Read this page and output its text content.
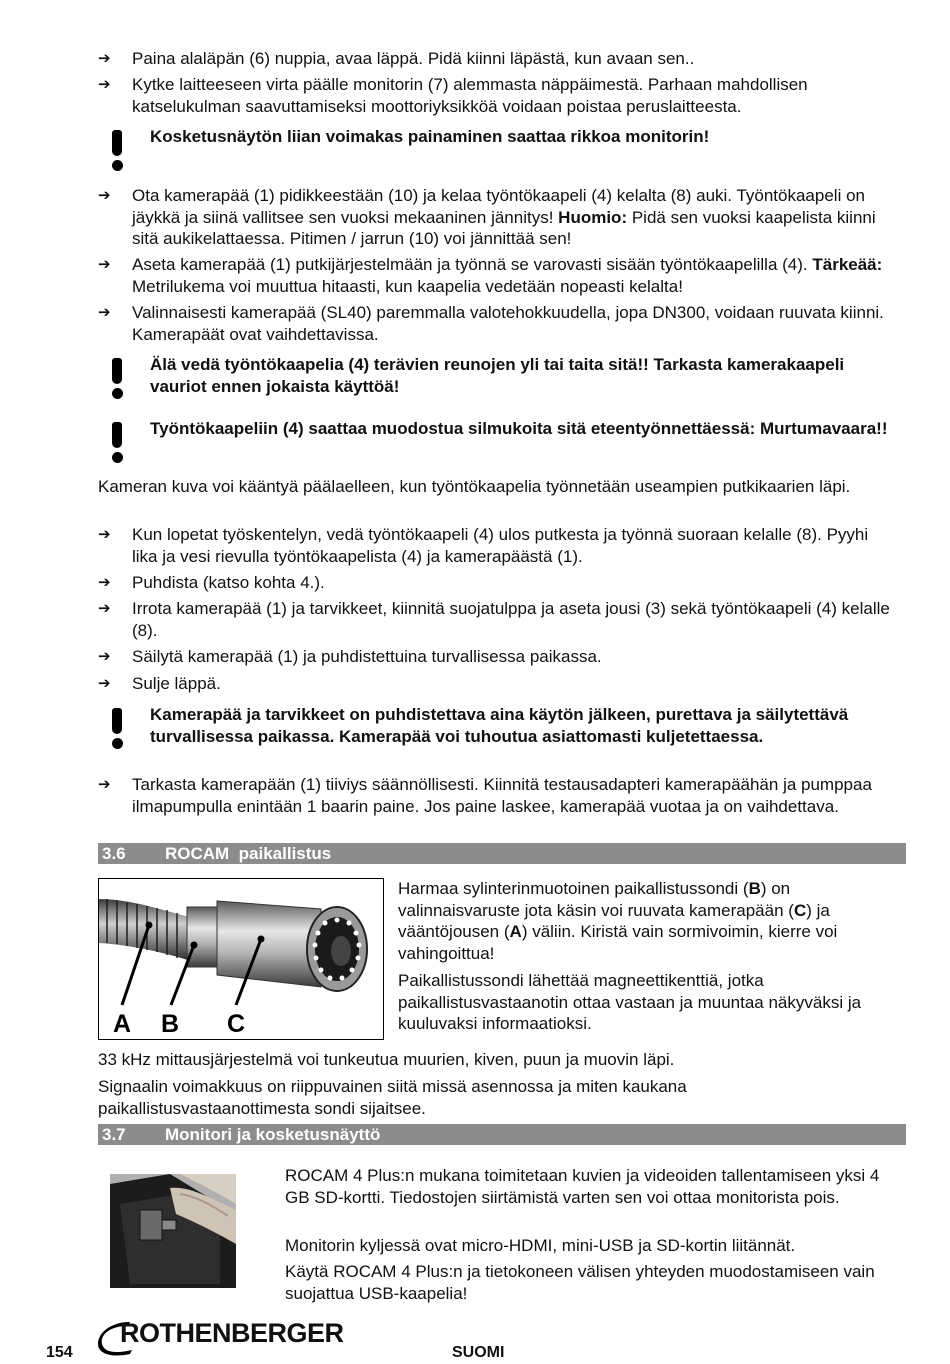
➔	Paina alaläpän (6) nuppia, avaa läppä. Pidä kiinni läpästä, kun avaan sen..
➔	Kytke laitteeseen virta päälle monitorin (7) alemmasta näppäimestä. Parhaan mahdollisen katselukulman saavuttamiseksi moottoriyksikköä voidaan poistaa peruslaitteesta.
Kosketusnäytön liian voimakas painaminen saattaa rikkoa monitorin!
➔	Ota kamerapää (1) pidikkeestään (10) ja kelaa työntökaapeli (4) kelalta (8) auki. Työntökaapeli on jäykkä ja siinä vallitsee sen vuoksi mekaaninen jännitys! Huomio: Pidä sen vuoksi kaapelista kiinni sitä aukikelattaessa. Pitimen / jarrun (10) voi jännittää sen!
➔	Aseta kamerapää (1) putkijärjestelmään ja työnnä se varovasti sisään työntökaapelilla (4). Tärkeää: Metrilukema voi muuttua hitaasti, kun kaapelia vedetään nopeasti kelalta!
➔	Valinnaisesti kamerapää (SL40) paremmalla valotehokkuudella, jopa DN300, voidaan ruuvata kiinni. Kamerapäät ovat vaihdettavissa.
Älä vedä työntökaapelia (4) terävien reunojen yli tai taita sitä!! Tarkasta kamerakaapeli vauriot ennen jokaista käyttöä!
Työntökaapeliin (4) saattaa muodostua silmukoita sitä eteentyönnettäessä: Murtumavaara!!
Kameran kuva voi kääntyä päälaelleen, kun työntökaapelia työnnetään useampien putkikaarien läpi.
➔	Kun lopetat työskentelyn, vedä työntökaapeli (4) ulos putkesta ja työnnä suoraan kelalle (8). Pyyhi lika ja vesi rievulla työntökaapelista (4) ja kamerapäästä (1).
➔	Puhdista (katso kohta 4.).
➔	Irrota kamerapää (1) ja tarvikkeet, kiinnitä suojatulppa ja aseta jousi (3) sekä työntökaapeli (4) kelalle (8).
➔	Säilytä kamerapää (1) ja puhdistettuina turvallisessa paikassa.
➔	Sulje läppä.
Kamerapää ja tarvikkeet on puhdistettava aina käytön jälkeen, purettava ja säilytettävä turvallisessa paikassa. Kamerapää voi tuhoutua asiattomasti kuljetettaessa.
➔	Tarkasta kamerapään (1) tiiviys säännöllisesti. Kiinnitä testausadapteri kamerapäähän ja pumppaa ilmapumpulla enintään 1 baarin paine. Jos paine laskee, kamerapää vuotaa ja on vaihdettava.
3.6 ROCAM  paikallistus
A B C
Harmaa sylinterinmuotoinen paikallistussondi (B) on valinnaisvaruste jota käsin voi ruuvata kamerapään (C) ja vääntöjousen (A) väliin. Kiristä vain sormivoimin, kierre voi vahingoittua!
Paikallistussondi lähettää magneettikenttiä, jotka paikallistusvastaanotin ottaa vastaan ja muuntaa näkyväksi ja kuuluvaksi informaatioksi.
33 kHz mittausjärjestelmä voi tunkeutua muurien, kiven, puun ja muovin läpi.
Signaalin voimakkuus on riippuvainen siitä missä asennossa ja miten kaukana paikallistusvastaanottimesta sondi sijaitsee.
3.7 Monitori ja kosketusnäyttö
ROCAM 4 Plus:n mukana toimitetaan kuvien ja videoiden tallentamiseen yksi 4 GB SD-kortti. Tiedostojen siirtämistä varten sen voi ottaa monitorista pois.
Monitorin kyljessä ovat micro-HDMI, mini-USB ja SD-kortin liitännät.
Käytä ROCAM 4 Plus:n ja tietokoneen välisen yhteyden muodostamiseen vain suojattua USB-kaapelia!
154
ROTHENBERGER
SUOMI
